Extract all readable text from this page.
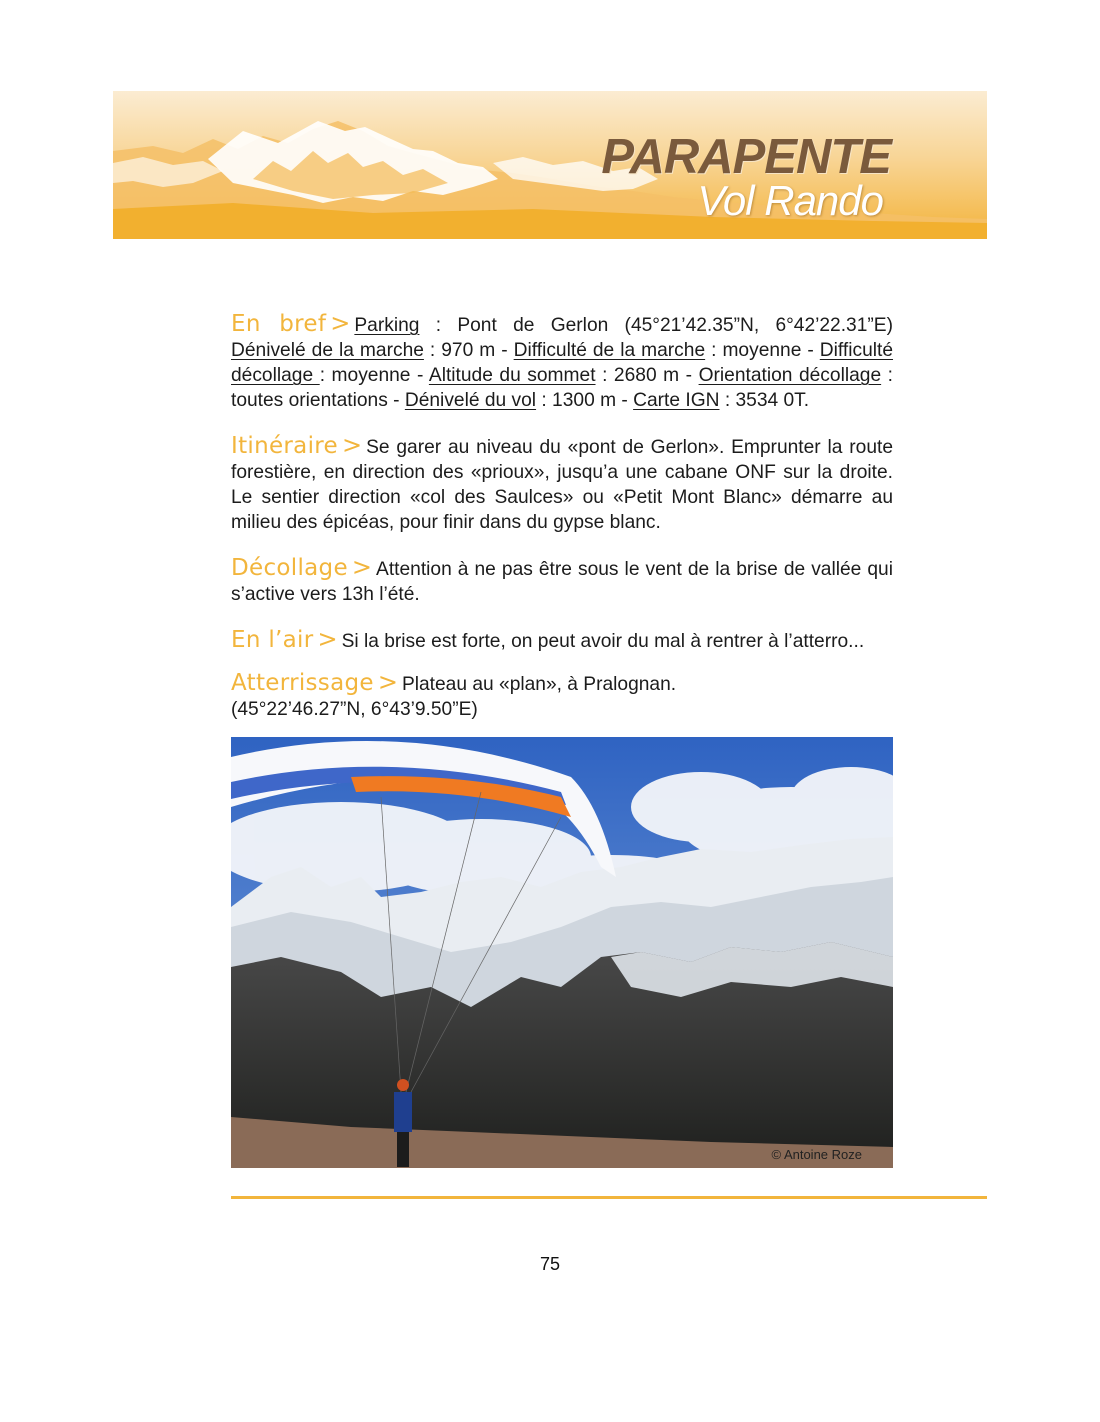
PARAPENTE
Vol Rando

En bref > Parking : Pont de Gerlon (45°21’42.35”N, 6°42’22.31”E) Dénivelé de la marche : 970 m - Difficulté de la marche : moyenne - Difficulté décollage : moyenne - Altitude du sommet : 2680 m - Orientation décollage : toutes orientations - Dénivelé du vol : 1300 m - Carte IGN : 3534 0T.

Itinéraire > Se garer au niveau du «pont de Gerlon». Emprunter la route forestière, en direction des «prioux», jusqu’a une cabane ONF sur la droite. Le sentier direction «col des Saulces» ou «Petit Mont Blanc» démarre au milieu des épicéas, pour finir dans du gypse blanc.

Décollage > Attention à ne pas être sous le vent de la brise de vallée qui s’active vers 13h l’été.

En l’air > Si la brise est forte, on peut avoir du mal à rentrer à l’atterro...

Atterrissage > Plateau au «plan», à Pralognan.
(45°22’46.27”N, 6°43’9.50”E)

© Antoine Roze
75
